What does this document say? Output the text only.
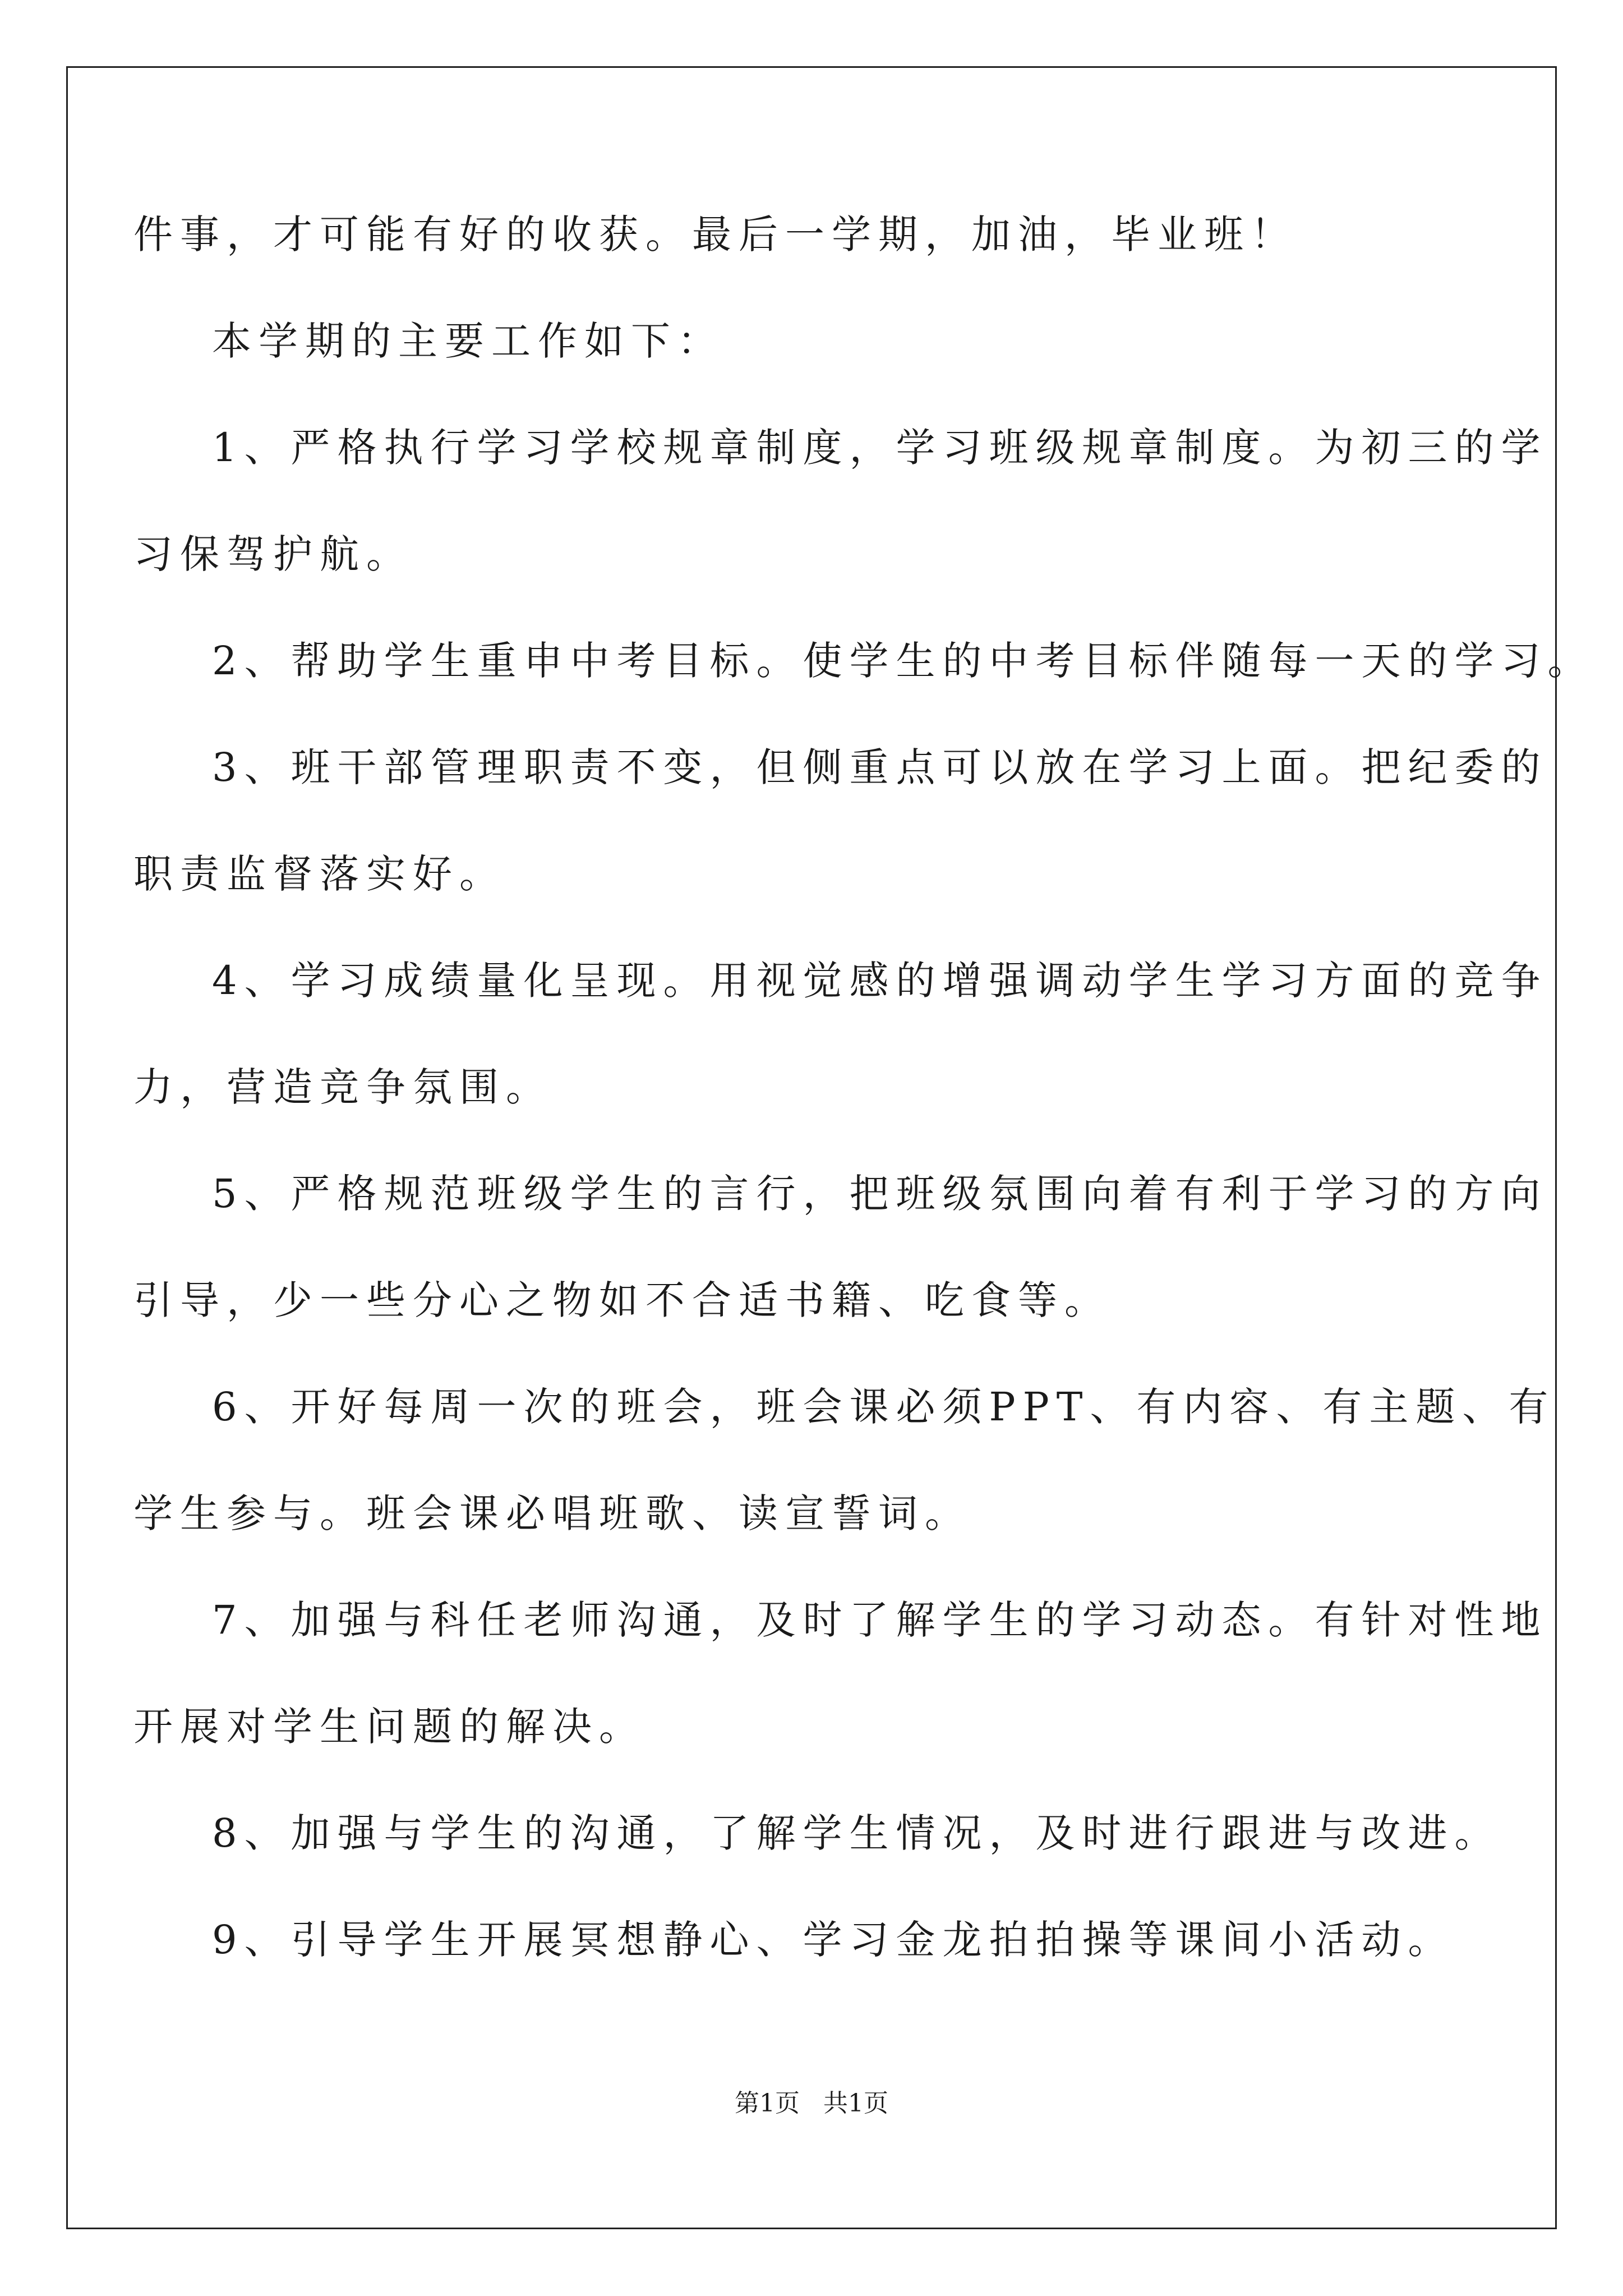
件事，才可能有好的收获。最后一学期，加油，毕业班！
本学期的主要工作如下：
1、严格执行学习学校规章制度，学习班级规章制度。为初三的学
习保驾护航。
2、帮助学生重申中考目标。使学生的中考目标伴随每一天的学习。
3、班干部管理职责不变，但侧重点可以放在学习上面。把纪委的
职责监督落实好。
4、学习成绩量化呈现。用视觉感的增强调动学生学习方面的竞争
力，营造竞争氛围。
5、严格规范班级学生的言行，把班级氛围向着有利于学习的方向
引导，少一些分心之物如不合适书籍、吃食等。
6、开好每周一次的班会，班会课必须PPT、有内容、有主题、有
学生参与。班会课必唱班歌、读宣誓词。
7、加强与科任老师沟通，及时了解学生的学习动态。有针对性地
开展对学生问题的解决。
8、加强与学生的沟通，了解学生情况，及时进行跟进与改进。
9、引导学生开展冥想静心、学习金龙拍拍操等课间小活动。
第1页   共1页
